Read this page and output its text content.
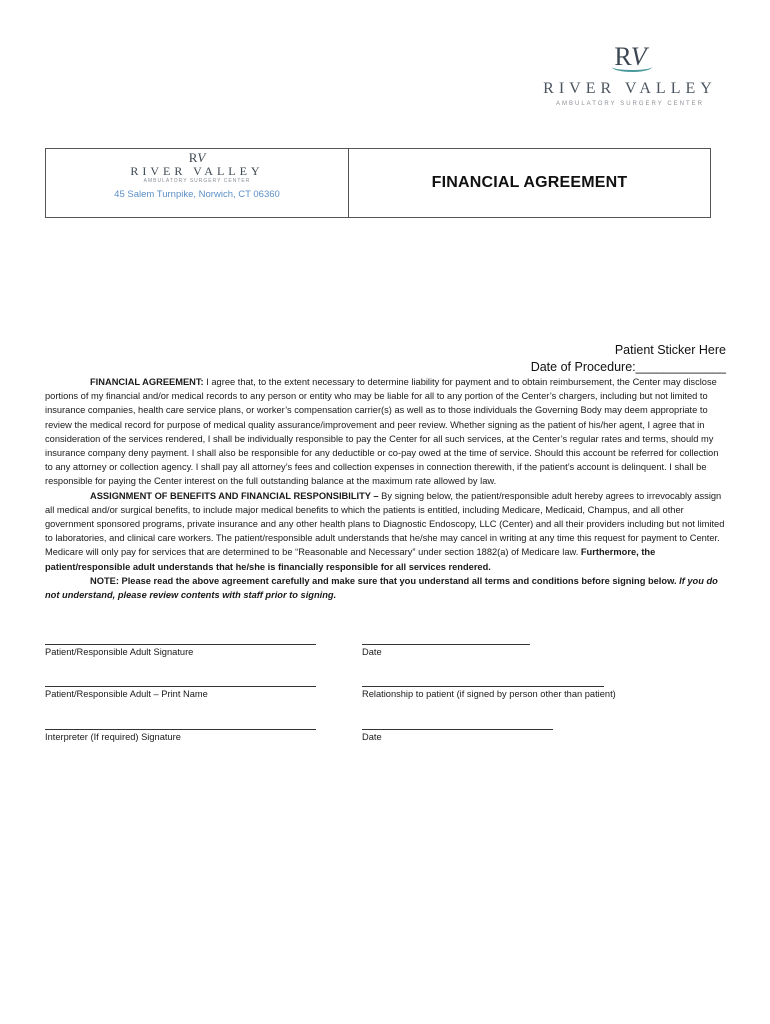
RV
RIVER VALLEY
AMBULATORY SURGERY CENTER
RV
RIVER VALLEY
AMBULATORY SURGERY CENTER
45 Salem Turnpike, Norwich, CT 06360
FINANCIAL AGREEMENT
Patient Sticker Here
Date of Procedure:_____________

FINANCIAL AGREEMENT: I agree that, to the extent necessary to determine liability for payment and to obtain reimbursement, the Center may disclose portions of my financial and/or medical records to any person or entity who may be liable for all to any portion of the Center’s chargers, including but not limited to insurance companies, health care service plans, or worker’s compensation carrier(s) as well as to those individuals the Governing Body may deem appropriate to review the medical record for purpose of medical quality assurance/improvement and peer review. Whether signing as the patient of his/her agent, I agree that in consideration of the services rendered, I shall be individually responsible to pay the Center for all such services, at the Center’s regular rates and terms, should my insurance company deny payment. I shall also be responsible for any deductible or co-pay owed at the time of service. Should this account be referred for collection to any attorney or collection agency. I shall pay all attorney’s fees and collection expenses in connection therewith, if the patient’s account is delinquent. I shall be responsible for paying the Center interest on the full outstanding balance at the maximum rate allowed by law.

ASSIGNMENT OF BENEFITS AND FINANCIAL RESPONSIBILITY – By signing below, the patient/responsible adult hereby agrees to irrevocably assign all medical and/or surgical benefits, to include major medical benefits to which the patients is entitled, including Medicare, Medicaid, Champus, and all other government sponsored programs, private insurance and any other health plans to Diagnostic Endoscopy, LLC (Center) and all their providers including but not limited to laboratories, and clinical care workers. The patient/responsible adult understands that he/she may cancel in writing at any time this request for payment to Center. Medicare will only pay for services that are determined to be “Reasonable and Necessary” under section 1882(a) of Medicare law. Furthermore, the patient/responsible adult understands that he/she is financially responsible for all services rendered.

NOTE: Please read the above agreement carefully and make sure that you understand all terms and conditions before signing below. If you do not understand, please review contents with staff prior to signing.

Patient/Responsible Adult Signature	Date
Patient/Responsible Adult – Print Name	Relationship to patient (if signed by person other than patient)
Interpreter (If required) Signature	Date
